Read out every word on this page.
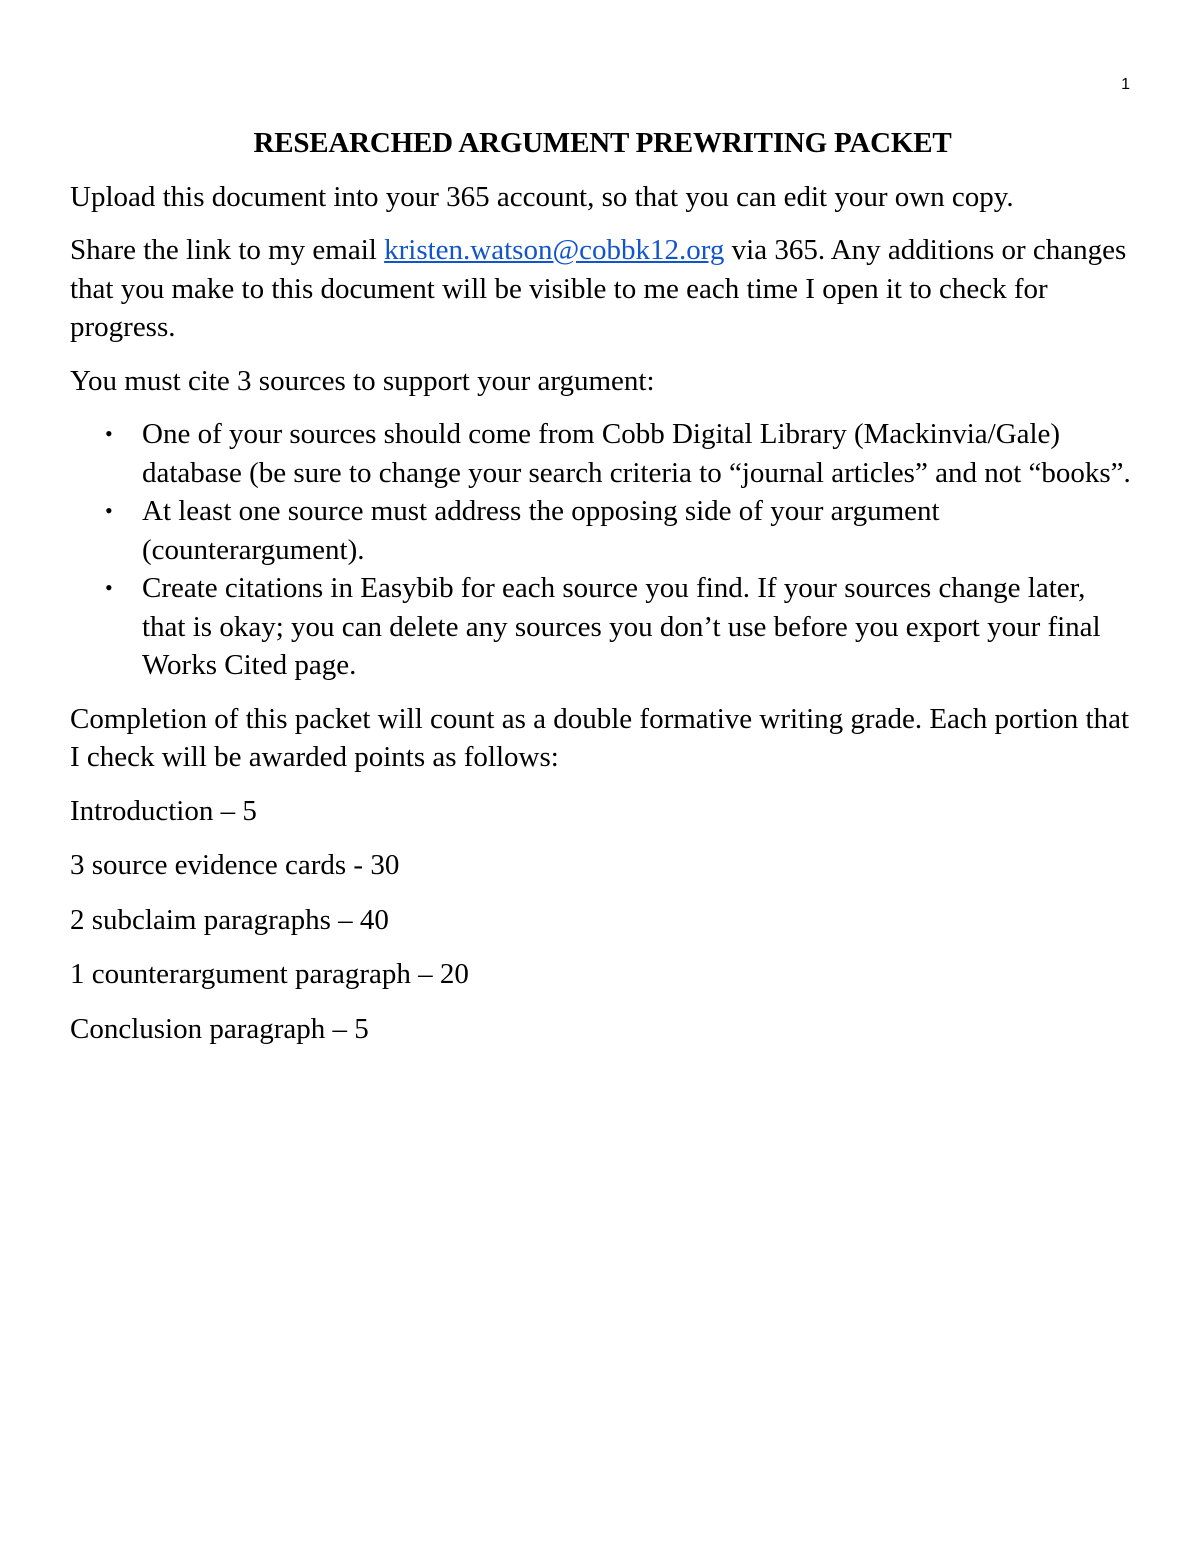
1
RESEARCHED ARGUMENT PREWRITING PACKET

Upload this document into your 365 account, so that you can edit your own copy.

Share the link to my email kristen.watson@cobbk12.org via 365. Any additions or changes that you make to this document will be visible to me each time I open it to check for progress.

You must cite 3 sources to support your argument:

• One of your sources should come from Cobb Digital Library (Mackinvia/Gale) database (be sure to change your search criteria to “journal articles” and not “books”.
• At least one source must address the opposing side of your argument (counterargument).
• Create citations in Easybib for each source you find. If your sources change later, that is okay; you can delete any sources you don’t use before you export your final Works Cited page.

Completion of this packet will count as a double formative writing grade. Each portion that I check will be awarded points as follows:

Introduction – 5

3 source evidence cards - 30

2 subclaim paragraphs – 40

1 counterargument paragraph – 20

Conclusion paragraph – 5
